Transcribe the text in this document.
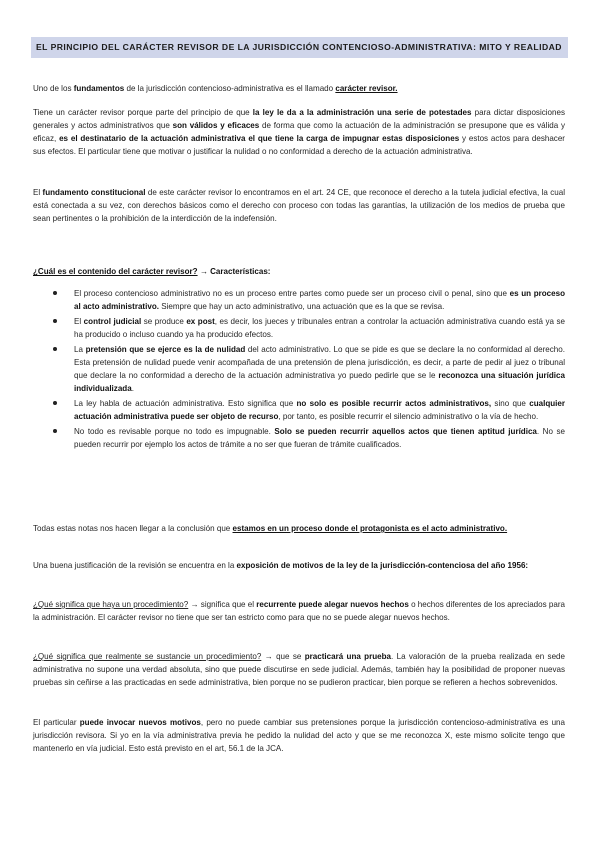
EL PRINCIPIO DEL CARÁCTER REVISOR DE LA JURISDICCIÓN CONTENCIOSO-ADMINISTRATIVA: MITO Y REALIDAD

Uno de los fundamentos de la jurisdicción contencioso-administrativa es el llamado carácter revisor.

Tiene un carácter revisor porque parte del principio de que la ley le da a la administración una serie de potestades para dictar disposiciones generales y actos administrativos que son válidos y eficaces de forma que como la actuación de la administración se presupone que es válida y eficaz, es el destinatario de la actuación administrativa el que tiene la carga de impugnar estas disposiciones y estos actos para deshacer sus efectos. El particular tiene que motivar o justificar la nulidad o no conformidad a derecho de la actuación administrativa.

El fundamento constitucional de este carácter revisor lo encontramos en el art. 24 CE, que reconoce el derecho a la tutela judicial efectiva, la cual está conectada a su vez, con derechos básicos como el derecho con proceso con todas las garantías, la utilización de los medios de prueba que sean pertinentes o la prohibición de la interdicción de la indefensión.

¿Cuál es el contenido del carácter revisor? → Características:

El proceso contencioso administrativo no es un proceso entre partes como puede ser un proceso civil o penal, sino que es un proceso al acto administrativo. Siempre que hay un acto administrativo, una actuación que es la que se revisa.
El control judicial se produce ex post, es decir, los jueces y tribunales entran a controlar la actuación administrativa cuando está ya se ha producido o incluso cuando ya ha producido efectos.
La pretensión que se ejerce es la de nulidad del acto administrativo. Lo que se pide es que se declare la no conformidad al derecho. Esta pretensión de nulidad puede venir acompañada de una pretensión de plena jurisdicción, es decir, a parte de pedir al juez o tribunal que declare la no conformidad a derecho de la actuación administrativa yo puedo pedirle que se le reconozca una situación jurídica individualizada.
La ley habla de actuación administrativa. Esto significa que no solo es posible recurrir actos administrativos, sino que cualquier actuación administrativa puede ser objeto de recurso, por tanto, es posible recurrir el silencio administrativo o la vía de hecho.
No todo es revisable porque no todo es impugnable. Solo se pueden recurrir aquellos actos que tienen aptitud jurídica. No se pueden recurrir por ejemplo los actos de trámite a no ser que fueran de trámite cualificados.

Todas estas notas nos hacen llegar a la conclusión que estamos en un proceso donde el protagonista es el acto administrativo.

Una buena justificación de la revisión se encuentra en la exposición de motivos de la ley de la jurisdicción-contenciosa del año 1956:

¿Qué significa que haya un procedimiento? → significa que el recurrente puede alegar nuevos hechos o hechos diferentes de los apreciados para la administración. El carácter revisor no tiene que ser tan estricto como para que no se puede alegar nuevos hechos.

¿Qué significa que realmente se sustancie un procedimiento? → que se practicará una prueba. La valoración de la prueba realizada en sede administrativa no supone una verdad absoluta, sino que puede discutirse en sede judicial. Además, también hay la posibilidad de proponer nuevas pruebas sin ceñirse a las practicadas en sede administrativa, bien porque no se pudieron practicar, bien porque se refieren a hechos sobrevenidos.

El particular puede invocar nuevos motivos, pero no puede cambiar sus pretensiones porque la jurisdicción contencioso-administrativa es una jurisdicción revisora. Si yo en la vía administrativa previa he pedido la nulidad del acto y que se me reconozca X, este mismo solicite tengo que mantenerlo en vía judicial. Esto está previsto en el art, 56.1 de la JCA.
